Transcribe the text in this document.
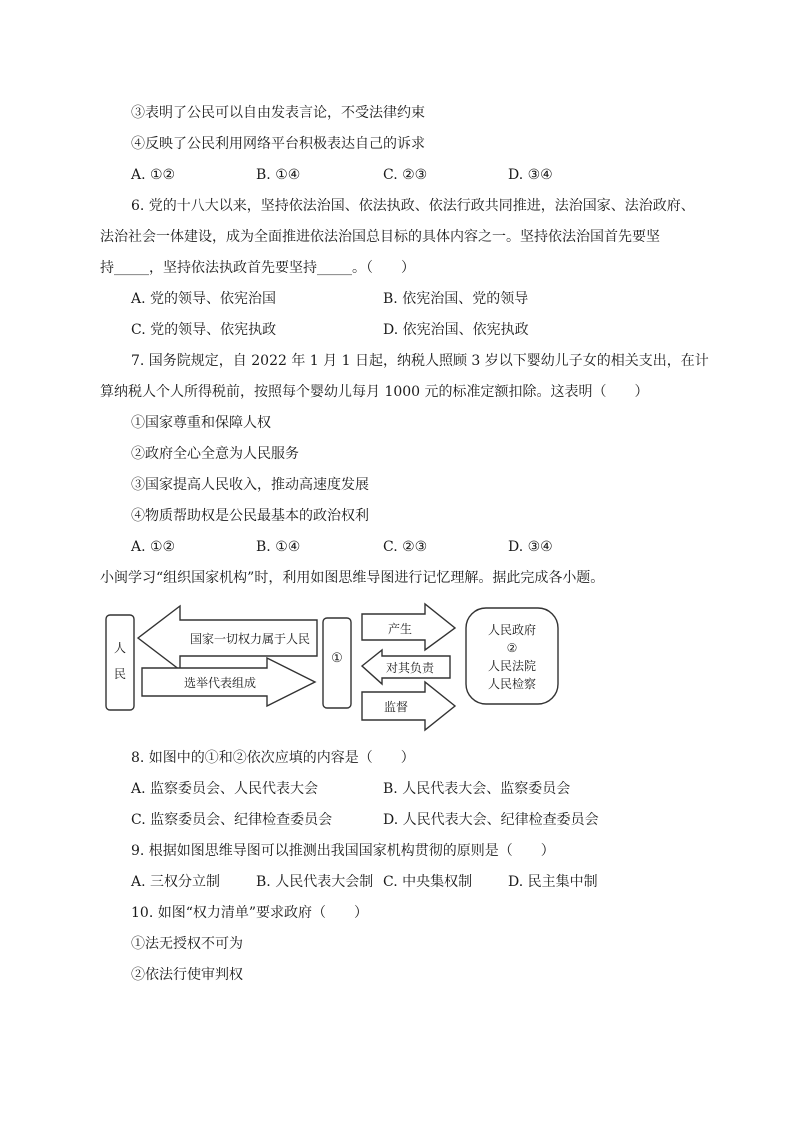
③表明了公民可以自由发表言论，不受法律约束
④反映了公民利用网络平台积极表达自己的诉求
A. ①②	B. ①④	C. ②③	D. ③④
6. 党的十八大以来，坚持依法治国、依法执政、依法行政共同推进，法治国家、法治政府、
法治社会一体建设，成为全面推进依法治国总目标的具体内容之一。坚持依法治国首先要坚
持_____，坚持依法执政首先要坚持_____。（　　）
A. 党的领导、依宪治国	B. 依宪治国、党的领导
C. 党的领导、依宪执政	D. 依宪治国、依宪执政
7. 国务院规定，自 2022 年 1 月 1 日起，纳税人照顾 3 岁以下婴幼儿子女的相关支出，在计
算纳税人个人所得税前，按照每个婴幼儿每月 1000 元的标准定额扣除。这表明（　　）
①国家尊重和保障人权
②政府全心全意为人民服务
③国家提高人民收入，推动高速度发展
④物质帮助权是公民最基本的政治权利
A. ①②	B. ①④	C. ②③	D. ③④
小闽学习“组织国家机构”时，利用如图思维导图进行记忆理解。据此完成各小题。
人
民
国家一切权力属于人民
选举代表组成
①
产生
对其负责
监督
人民政府
②
人民法院
人民检察
8. 如图中的①和②依次应填的内容是（　　）
A. 监察委员会、人民代表大会	B. 人民代表大会、监察委员会
C. 监察委员会、纪律检查委员会	D. 人民代表大会、纪律检查委员会
9. 根据如图思维导图可以推测出我国国家机构贯彻的原则是（　　）
A. 三权分立制	B. 人民代表大会制 C. 中央集权制	D. 民主集中制
10. 如图“权力清单”要求政府（　　）
①法无授权不可为
②依法行使审判权
